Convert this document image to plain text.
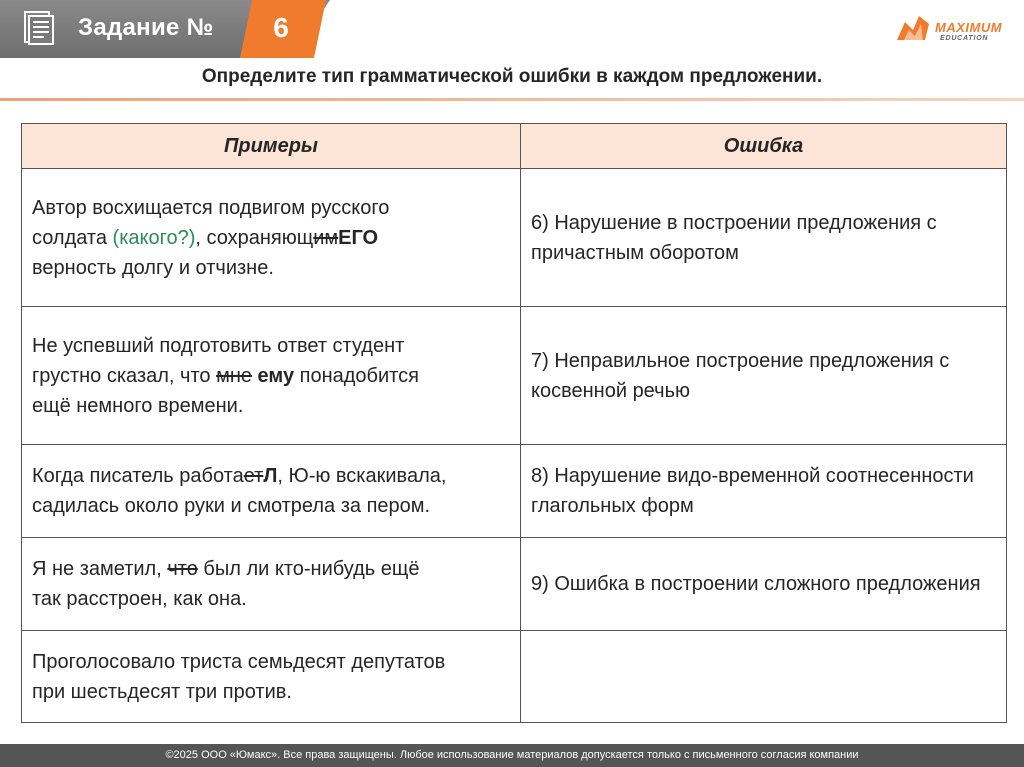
Задание №	6	MAXIMUM
EDUCATION
Определите тип грамматической ошибки в каждом предложении.
Примеры	Ошибка
Автор восхищается подвигом русского
солдата (какого?), сохраняющимЕГО
верность долгу и отчизне.	6) Нарушение в построении предложения с причастным оборотом
Не успевший подготовить ответ студент
грустно сказал, что мне ему понадобится
ещё немного времени.	7) Неправильное построение предложения с косвенной речью
Когда писатель работаетЛ, Ю-ю вскакивала,
садилась около руки и смотрела за пером.	8) Нарушение видо-временной соотнесенности глагольных форм
Я не заметил, что был ли кто-нибудь ещё
так расстроен, как она.	9) Ошибка в построении сложного предложения
Проголосовало триста семьдесят депутатов
при шестьдесят три против.	
©2025 ООО «Юмакс». Все права защищены. Любое использование материалов допускается только с письменного согласия компании
